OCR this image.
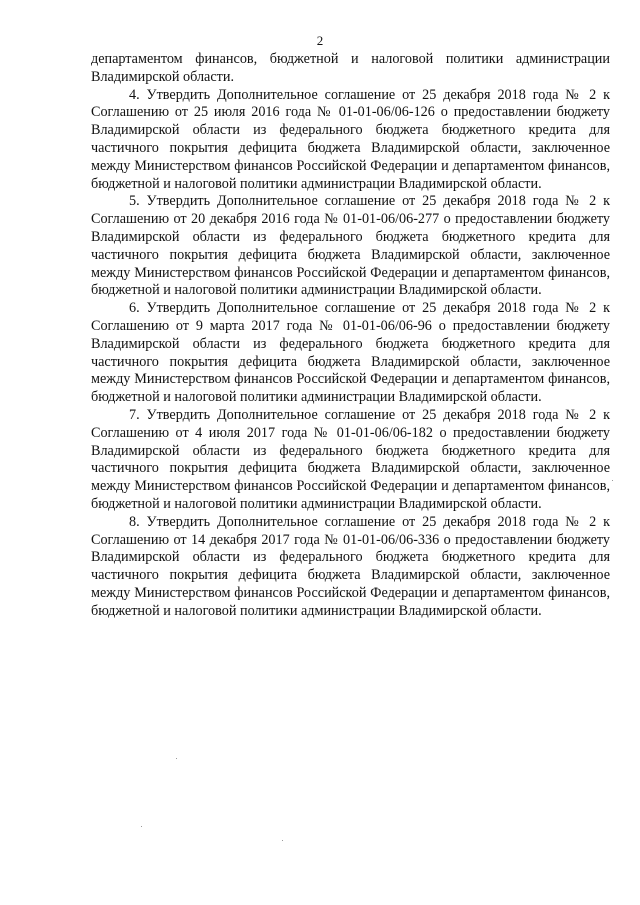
2

департаментом финансов, бюджетной и налоговой политики администрации Владимирской области.

4. Утвердить Дополнительное соглашение от 25 декабря 2018 года № 2 к Соглашению от 25 июля 2016 года № 01-01-06/06-126 о предоставлении бюджету Владимирской области из федерального бюджета бюджетного кредита для частичного покрытия дефицита бюджета Владимирской области, заключенное между Министерством финансов Российской Федерации и департаментом финансов, бюджетной и налоговой политики администрации Владимирской области.

5. Утвердить Дополнительное соглашение от 25 декабря 2018 года № 2 к Соглашению от 20 декабря 2016 года № 01-01-06/06-277 о предоставлении бюджету Владимирской области из федерального бюджета бюджетного кредита для частичного покрытия дефицита бюджета Владимирской области, заключенное между Министерством финансов Российской Федерации и департаментом финансов, бюджетной и налоговой политики администрации Владимирской области.

6. Утвердить Дополнительное соглашение от 25 декабря 2018 года № 2 к Соглашению от 9 марта 2017 года № 01-01-06/06-96 о предоставлении бюджету Владимирской области из федерального бюджета бюджетного кредита для частичного покрытия дефицита бюджета Владимирской области, заключенное между Министерством финансов Российской Федерации и департаментом финансов, бюджетной и налоговой политики администрации Владимирской области.

7. Утвердить Дополнительное соглашение от 25 декабря 2018 года № 2 к Соглашению от 4 июля 2017 года № 01-01-06/06-182 о предоставлении бюджету Владимирской области из федерального бюджета бюджетного кредита для частичного покрытия дефицита бюджета Владимирской области, заключенное между Министерством финансов Российской Федерации и департаментом финансов, бюджетной и налоговой политики администрации Владимирской области.

8. Утвердить Дополнительное соглашение от 25 декабря 2018 года № 2 к Соглашению от 14 декабря 2017 года № 01-01-06/06-336 о предоставлении бюджету Владимирской области из федерального бюджета бюджетного кредита для частичного покрытия дефицита бюджета Владимирской области, заключенное между Министерством финансов Российской Федерации и департаментом финансов, бюджетной и налоговой политики администрации Владимирской области.
